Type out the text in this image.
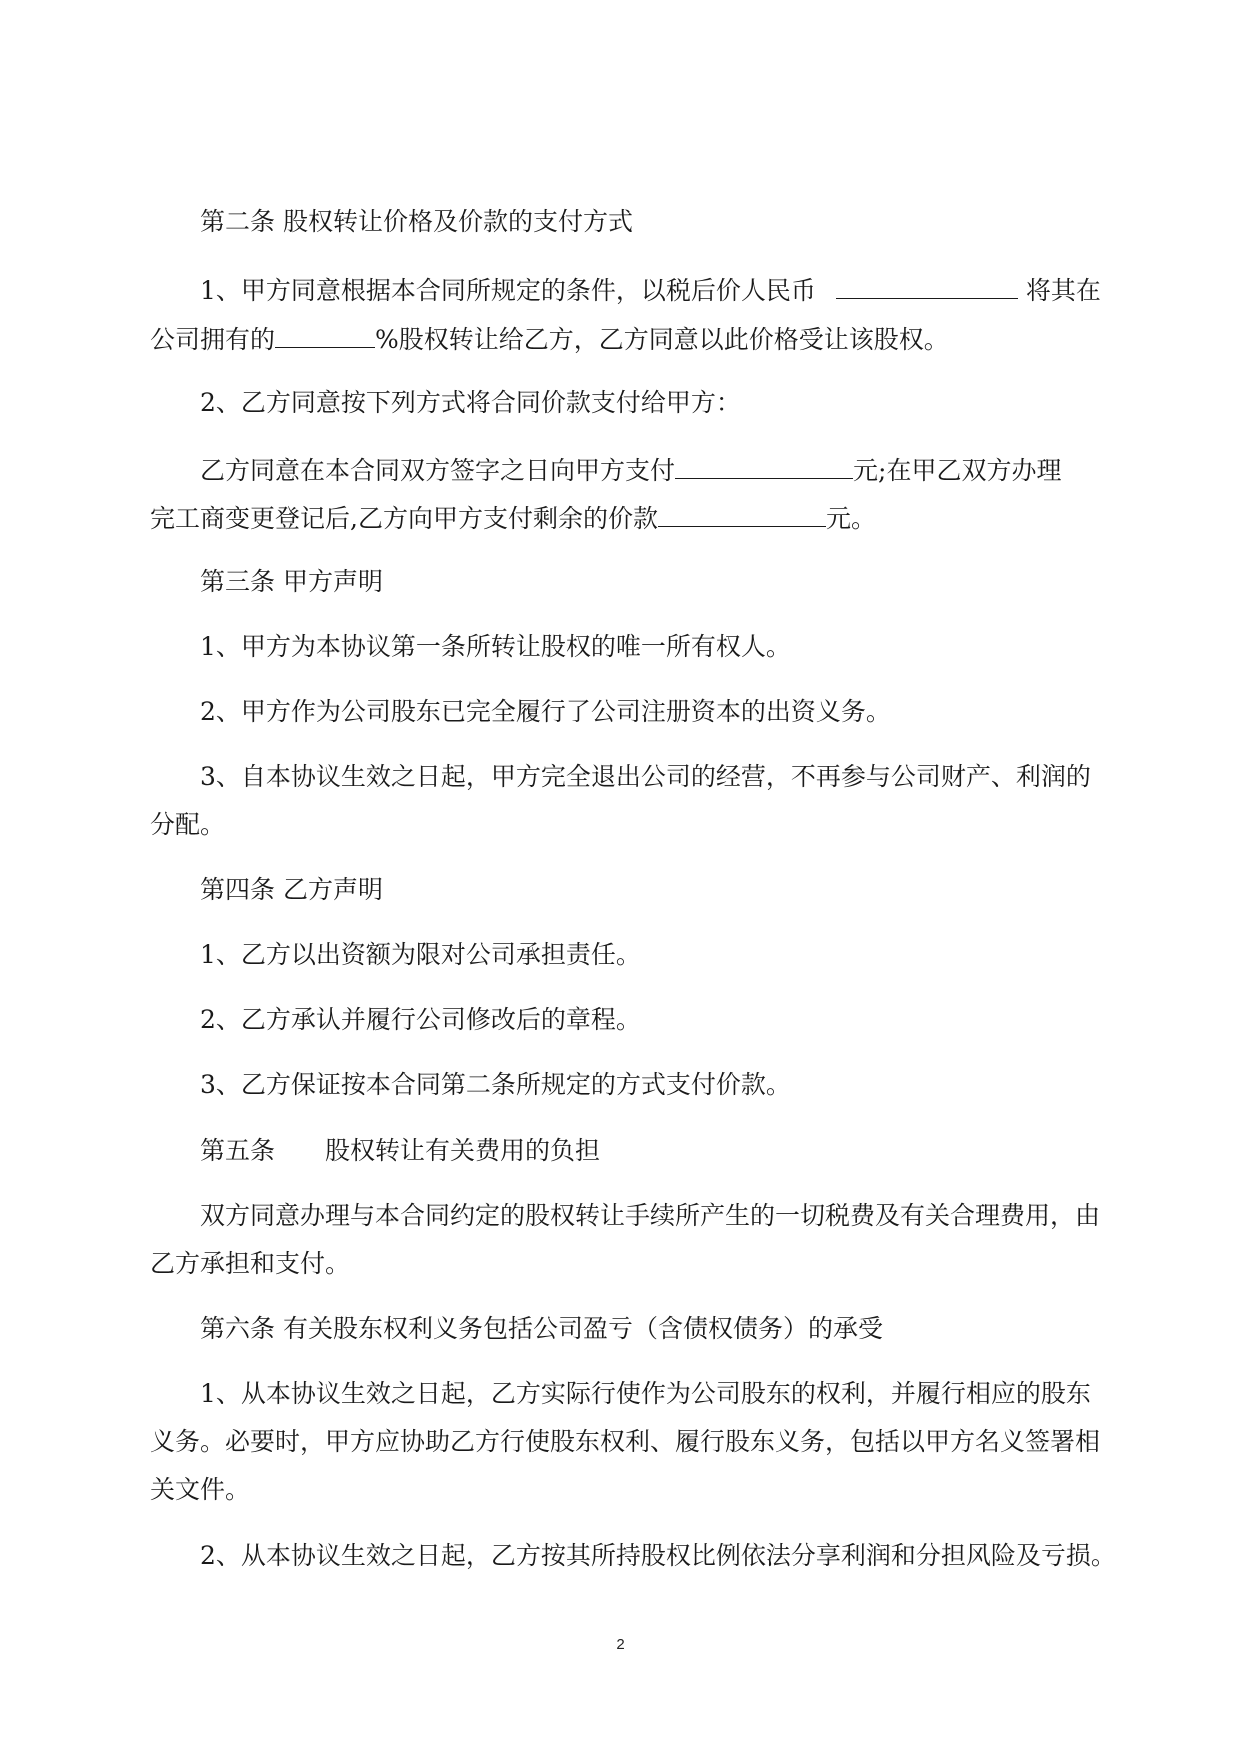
第二条 股权转让价格及价款的支付方式
1、甲方同意根据本合同所规定的条件，以税后价人民币	将其在
公司拥有的	%股权转让给乙方，乙方同意以此价格受让该股权。
2、乙方同意按下列方式将合同价款支付给甲方：
乙方同意在本合同双方签字之日向甲方支付	元;在甲乙双方办理
完工商变更登记后,乙方向甲方支付剩余的价款	元。
第三条 甲方声明
1、甲方为本协议第一条所转让股权的唯一所有权人。
2、甲方作为公司股东已完全履行了公司注册资本的出资义务。
3、自本协议生效之日起，甲方完全退出公司的经营，不再参与公司财产、利润的
分配。
第四条 乙方声明
1、乙方以出资额为限对公司承担责任。
2、乙方承认并履行公司修改后的章程。
3、乙方保证按本合同第二条所规定的方式支付价款。
第五条　　股权转让有关费用的负担
双方同意办理与本合同约定的股权转让手续所产生的一切税费及有关合理费用，由
乙方承担和支付。
第六条 有关股东权利义务包括公司盈亏（含债权债务）的承受
1、从本协议生效之日起，乙方实际行使作为公司股东的权利，并履行相应的股东
义务。必要时，甲方应协助乙方行使股东权利、履行股东义务，包括以甲方名义签署相
关文件。
2、从本协议生效之日起，乙方按其所持股权比例依法分享利润和分担风险及亏损。
2
